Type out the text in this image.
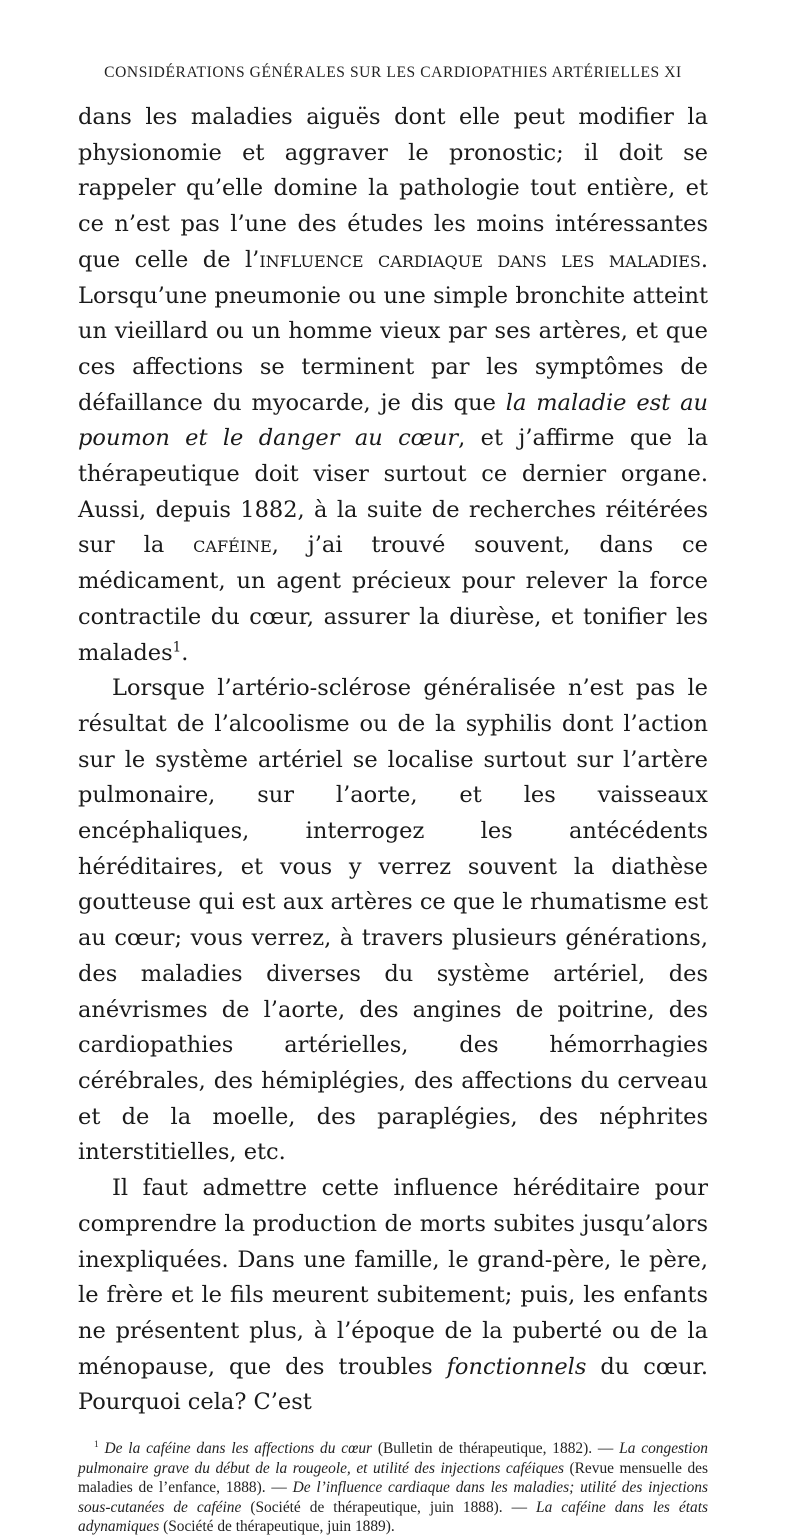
CONSIDÉRATIONS GÉNÉRALES SUR LES CARDIOPATHIES ARTÉRIELLES XI

dans les maladies aiguës dont elle peut modifier la physionomie et aggraver le pronostic; il doit se rappeler qu’elle domine la pathologie tout entière, et ce n’est pas l’une des études les moins intéressantes que celle de l’influence cardiaque dans les maladies. Lorsqu’une pneumonie ou une simple bronchite atteint un vieillard ou un homme vieux par ses artères, et que ces affections se terminent par les symptômes de défaillance du myocarde, je dis que la maladie est au poumon et le danger au cœur, et j’affirme que la thérapeutique doit viser surtout ce dernier organe. Aussi, depuis 1882, à la suite de recherches réitérées sur la caféine, j’ai trouvé souvent, dans ce médicament, un agent précieux pour relever la force contractile du cœur, assurer la diurèse, et tonifier les malades$^1$.

Lorsque l’artério-sclérose généralisée n’est pas le résultat de l’alcoolisme ou de la syphilis dont l’action sur le système artériel se localise surtout sur l’artère pulmonaire, sur l’aorte, et les vaisseaux encéphaliques, interrogez les antécédents héréditaires, et vous y verrez souvent la diathèse goutteuse qui est aux artères ce que le rhumatisme est au cœur; vous verrez, à travers plusieurs générations, des maladies diverses du système artériel, des anévrismes de l’aorte, des angines de poitrine, des cardiopathies artérielles, des hémorrhagies cérébrales, des hémiplégies, des affections du cerveau et de la moelle, des paraplégies, des néphrites interstitielles, etc.

Il faut admettre cette influence héréditaire pour comprendre la production de morts subites jusqu’alors inexpliquées. Dans une famille, le grand-père, le père, le frère et le fils meurent subitement; puis, les enfants ne présentent plus, à l’époque de la puberté ou de la ménopause, que des troubles fonctionnels du cœur. Pourquoi cela? C’est

$^1$ De la caféine dans les affections du cœur (Bulletin de thérapeutique, 1882). — La congestion pulmonaire grave du début de la rougeole, et utilité des injections caféiques (Revue mensuelle des maladies de l’enfance, 1888). — De l’influence cardiaque dans les maladies; utilité des injections sous-cutanées de caféine (Société de thérapeutique, juin 1888). — La caféine dans les états adynamiques (Société de thérapeutique, juin 1889).
